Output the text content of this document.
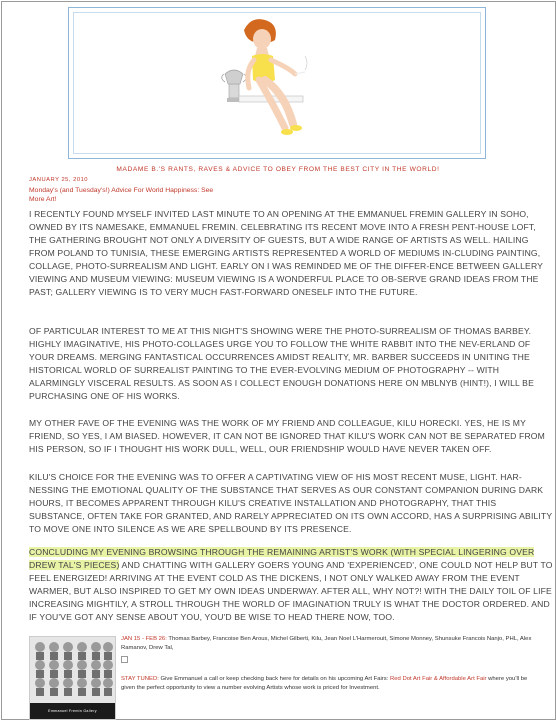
MADAME B.'S RANTS, RAVES & ADVICE TO OBEY FROM THE BEST CITY IN THE WORLD!
JANUARY 25, 2010
Monday's (and Tuesday's!) Advice For World Happiness: See
More Art!
I RECENTLY FOUND MYSELF INVITED LAST MINUTE TO AN OPENING AT THE EMMANUEL FREMIN GALLERY IN SOHO, OWNED BY ITS NAMESAKE, EMMANUEL FREMIN. CELEBRATING ITS RECENT MOVE INTO A FRESH PENT-HOUSE LOFT, THE GATHERING BROUGHT NOT ONLY A DIVERSITY OF GUESTS, BUT A WIDE RANGE OF ARTISTS AS WELL. HAILING FROM POLAND TO TUNISIA, THESE EMERGING ARTISTS REPRESENTED A WORLD OF MEDIUMS IN-CLUDING PAINTING, COLLAGE, PHOTO-SURREALISM AND LIGHT. EARLY ON I WAS REMINDED ME OF THE DIFFER-ENCE BETWEEN GALLERY VIEWING AND MUSEUM VIEWING: MUSEUM VIEWING IS A WONDERFUL PLACE TO OB-SERVE GRAND IDEAS FROM THE PAST; GALLERY VIEWING IS TO VERY MUCH FAST-FORWARD ONESELF INTO THE FUTURE.
OF PARTICULAR INTEREST TO ME AT THIS NIGHT'S SHOWING WERE THE PHOTO-SURREALISM OF THOMAS BARBEY. HIGHLY IMAGINATIVE, HIS PHOTO-COLLAGES URGE YOU TO FOLLOW THE WHITE RABBIT INTO THE NEV-ERLAND OF YOUR DREAMS. MERGING FANTASTICAL OCCURRENCES AMIDST REALITY, MR. BARBER SUCCEEDS IN UNITING THE HISTORICAL WORLD OF SURREALIST PAINTING TO THE EVER-EVOLVING MEDIUM OF PHOTOGRAPHY -- WITH ALARMINGLY VISCERAL RESULTS. AS SOON AS I COLLECT ENOUGH DONATIONS HERE ON MBLNYB (HINT!), I WILL BE PURCHASING ONE OF HIS WORKS.
MY OTHER FAVE OF THE EVENING WAS THE WORK OF MY FRIEND AND COLLEAGUE, KILU HORECKI. YES, HE IS MY FRIEND, SO YES, I AM BIASED. HOWEVER, IT CAN NOT BE IGNORED THAT KILU'S WORK CAN NOT BE SEPARATED FROM HIS PERSON, SO IF I THOUGHT HIS WORK DULL, WELL, OUR FRIENDSHIP WOULD HAVE NEVER TAKEN OFF.
KILU'S CHOICE FOR THE EVENING WAS TO OFFER A CAPTIVATING VIEW OF HIS MOST RECENT MUSE, LIGHT. HAR-NESSING THE EMOTIONAL QUALITY OF THE SUBSTANCE THAT SERVES AS OUR CONSTANT COMPANION DURING DARK HOURS, IT BECOMES APPARENT THROUGH KILU'S CREATIVE INSTALLATION AND PHOTOGRAPHY, THAT THIS SUBSTANCE, OFTEN TAKE FOR GRANTED, AND RARELY APPRECIATED ON ITS OWN ACCORD, HAS A SURPRISING ABILITY TO MOVE ONE INTO SILENCE AS WE ARE SPELLBOUND BY ITS PRESENCE.
CONCLUDING MY EVENING BROWSING THROUGH THE REMAINING ARTIST'S WORK (WITH SPECIAL LINGERING OVER DREW TAL'S PIECES) AND CHATTING WITH GALLERY GOERS YOUNG AND 'EXPERIENCED', ONE COULD NOT HELP BUT TO FEEL ENERGIZED! ARRIVING AT THE EVENT COLD AS THE DICKENS, I NOT ONLY WALKED AWAY FROM THE EVENT WARMER, BUT ALSO INSPIRED TO GET MY OWN IDEAS UNDERWAY. AFTER ALL, WHY NOT?! WITH THE DAILY TOIL OF LIFE INCREASING MIGHTILY, A STROLL THROUGH THE WORLD OF IMAGINATION TRULY IS WHAT THE DOCTOR ORDERED. AND IF YOU'VE GOT ANY SENSE ABOUT YOU, YOU'D BE WISE TO HEAD THERE NOW, TOO.
Emmanuel Fremin Gallery
JAN 15 - FEB 26: Thomas Barbey, Francoise Ben Arous, Michel Gilberti, Kilu, Jean Noel L'Harmerouit, Simone Monney, Shunsuke Francois Nanjo, PHL, Alex Ramanov, Drew Tal,
STAY TUNED: Give Emmanuel a call or keep checking back here for details on his upcoming Art Fairs: Red Dot Art Fair & Affordable Art Fair where you'll be given the perfect opportunity to view a number evolving Artists whose work is priced for Investment.
